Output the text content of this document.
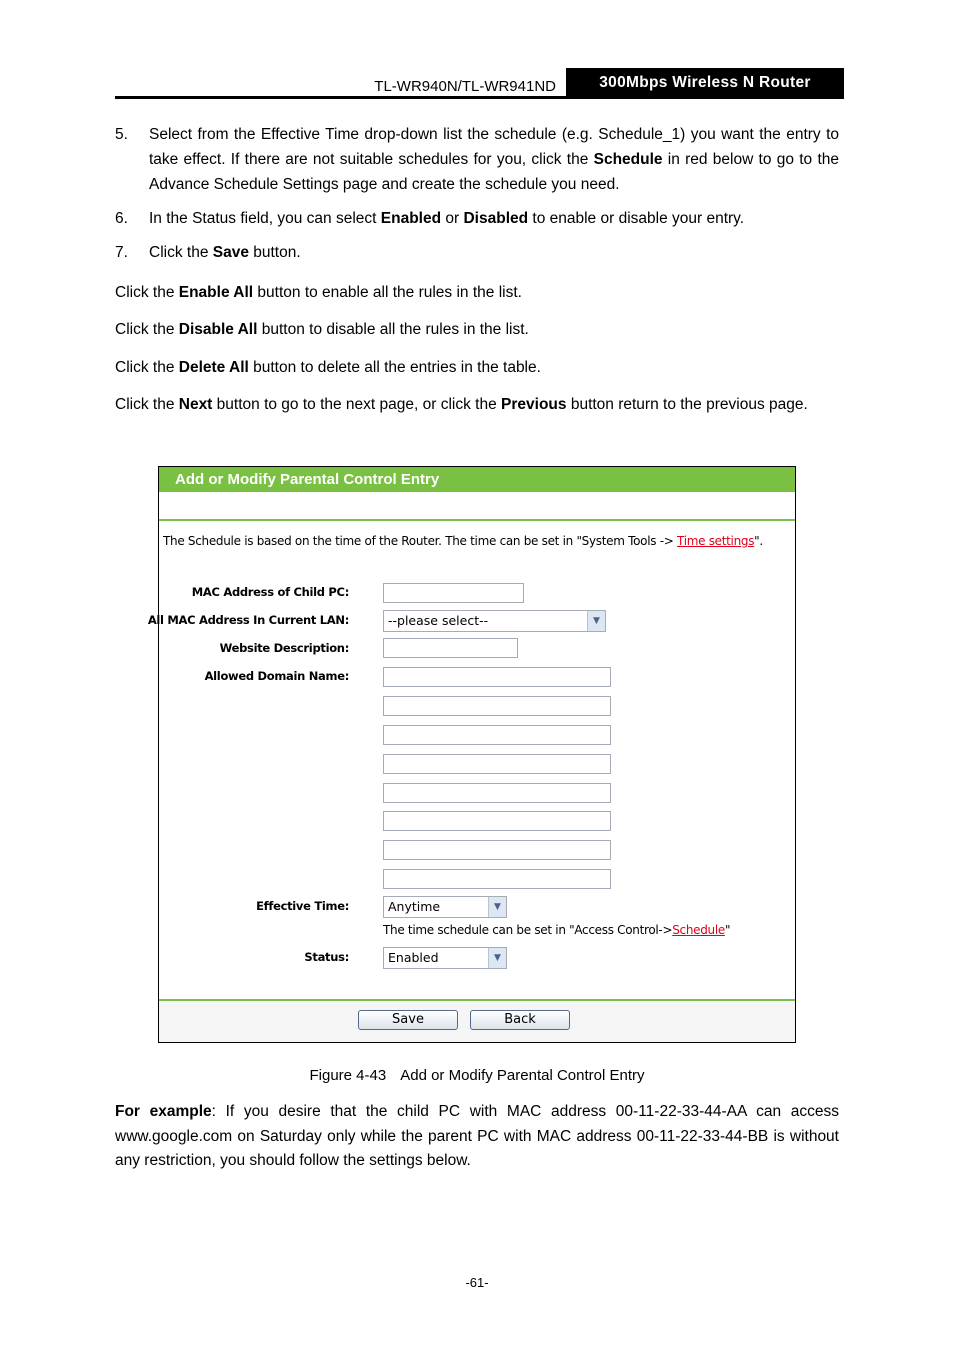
TL-WR940N/TL-WR941ND	300Mbps Wireless N Router
5. Select from the Effective Time drop-down list the schedule (e.g. Schedule_1) you want the entry to take effect. If there are not suitable schedules for you, click the Schedule in red below to go to the Advance Schedule Settings page and create the schedule you need.
6. In the Status field, you can select Enabled or Disabled to enable or disable your entry.
7. Click the Save button.
Click the Enable All button to enable all the rules in the list.
Click the Disable All button to disable all the rules in the list.
Click the Delete All button to delete all the entries in the table.
Click the Next button to go to the next page, or click the Previous button return to the previous page.
Add or Modify Parental Control Entry
The Schedule is based on the time of the Router. The time can be set in "System Tools -> Time settings".
MAC Address of Child PC:
All MAC Address In Current LAN:	--please select--	▼
Website Description:
Allowed Domain Name:
Effective Time:	Anytime	▼
The time schedule can be set in "Access Control->Schedule"
Status:	Enabled	▼
Save	Back
Figure 4-43 Add or Modify Parental Control Entry
For example: If you desire that the child PC with MAC address 00-11-22-33-44-AA can access www.google.com on Saturday only while the parent PC with MAC address 00-11-22-33-44-BB is without any restriction, you should follow the settings below.
-61-
